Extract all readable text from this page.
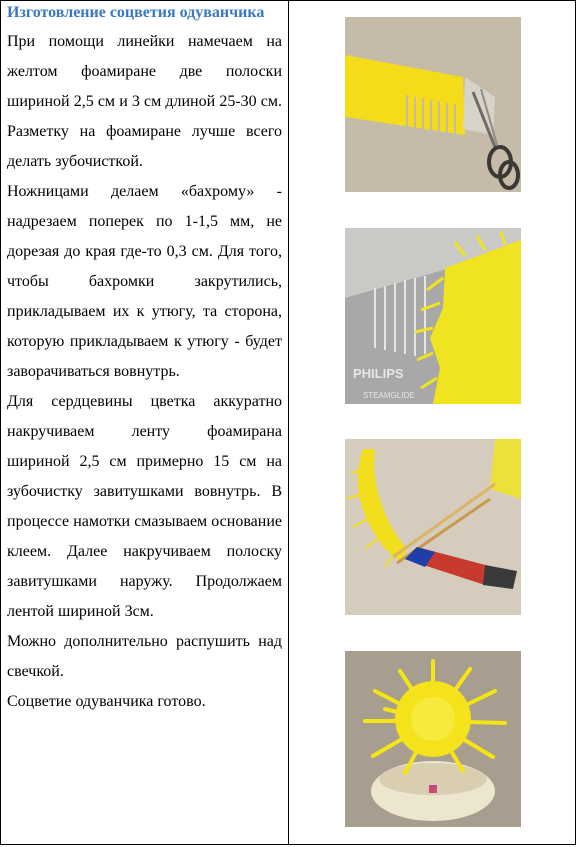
Изготовление соцветия одуванчика

При помощи линейки намечаем на желтом фоамиране две полоски шириной 2,5 см и 3 см длиной 25-30 см. Разметку на фоамиране лучше всего делать зубочисткой.

Ножницами делаем «бахрому» - надрезаем поперек по 1-1,5 мм, не дорезая до края где-то 0,3 см. Для того, чтобы бахромки закрутились, прикладываем их к утюгу, та сторона, которую прикладываем к утюгу - будет заворачиваться вовнутрь.

Для сердцевины цветка аккуратно накручиваем ленту фоамирана шириной 2,5 см примерно 15 см на зубочистку завитушками вовнутрь. В процессе намотки смазываем основание клеем. Далее накручиваем полоску завитушками наружу. Продолжаем лентой шириной 3см.

Можно дополнительно распушить над свечкой.

Соцветие одуванчика готово.

PHILIPS
STEAMGLIDE
